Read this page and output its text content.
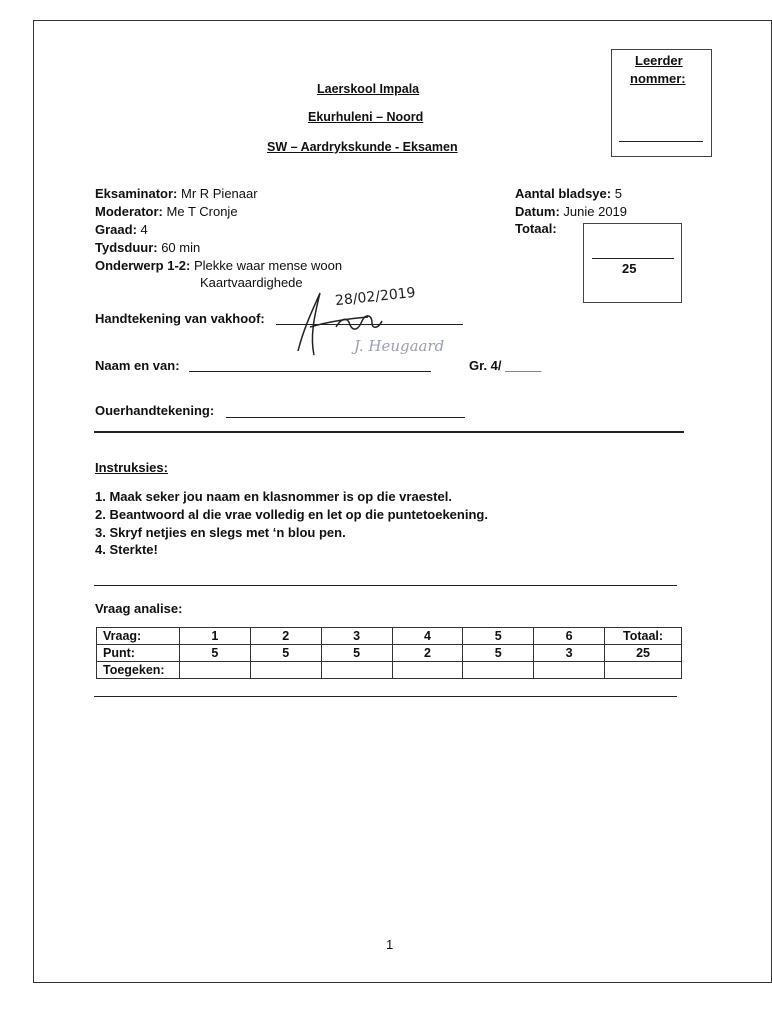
Laerskool Impala
Ekurhuleni – Noord
SW – Aardrykskunde - Eksamen
Leerder
nommer:
Eksaminator: Mr R Pienaar
Moderator: Me T Cronje
Graad: 4
Tydsduur: 60 min
Onderwerp 1-2: Plekke waar mense woon
Kaartvaardighede
Aantal bladsye: 5
Datum: Junie 2019
Totaal:
25
Handtekening van vakhoof:
J. Heugaard
28/02/2019
Naam en van:	Gr. 4/ _____
Ouerhandtekening:
Instruksies:
1. Maak seker jou naam en klasnommer is op die vraestel.
2. Beantwoord al die vrae volledig en let op die puntetoekening.
3. Skryf netjies en slegs met ‘n blou pen.
4. Sterkte!
Vraag analise:
Vraag:	1	2	3	4	5	6	Totaal:
Punt:	5	5	5	2	5	3	25
Toegeken:							
1
